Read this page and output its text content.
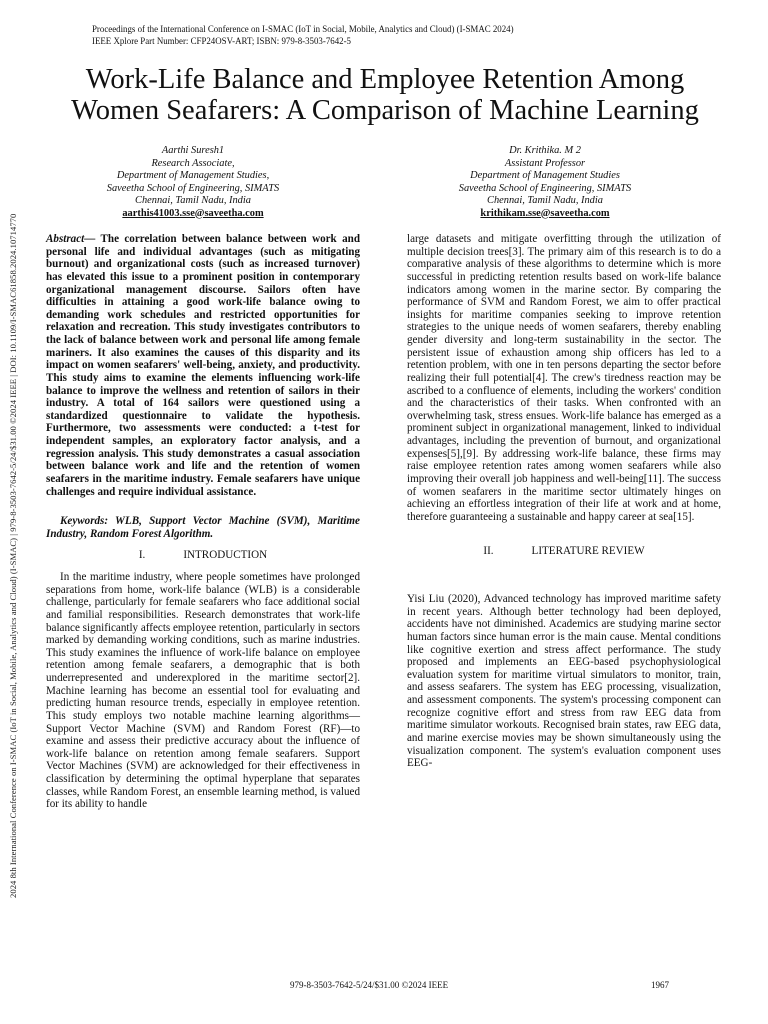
2024 8th International Conference on I-SMAC (IoT in Social, Mobile, Analytics and Cloud) (I-SMAC) | 979-8-3503-7642-5/24/$31.00 ©2024 IEEE | DOI: 10.1109/I-SMAC61858.2024.10714770
Proceedings of the International Conference on I-SMAC (IoT in Social, Mobile, Analytics and Cloud) (I-SMAC 2024)
IEEE Xplore Part Number: CFP24OSV-ART; ISBN: 979-8-3503-7642-5
Work-Life Balance and Employee Retention Among
Women Seafarers: A Comparison of Machine Learning
Aarthi Suresh1
Research Associate,
Department of Management Studies,
Saveetha School of Engineering, SIMATS
Chennai, Tamil Nadu, India
aarthis41003.sse@saveetha.com
Dr. Krithika. M 2
Assistant Professor
Department of Management Studies
Saveetha School of Engineering, SIMATS
Chennai, Tamil Nadu, India
krithikam.sse@saveetha.com

Abstract— The correlation between balance between work and personal life and individual advantages (such as mitigating burnout) and organizational costs (such as increased turnover) has elevated this issue to a prominent position in contemporary organizational management discourse. Sailors often have difficulties in attaining a good work-life balance owing to demanding work schedules and restricted opportunities for relaxation and recreation. This study investigates contributors to the lack of balance between work and personal life among female mariners. It also examines the causes of this disparity and its impact on women seafarers' well-being, anxiety, and productivity. This study aims to examine the elements influencing work-life balance to improve the wellness and retention of sailors in their industry. A total of 164 sailors were questioned using a standardized questionnaire to validate the hypothesis. Furthermore, two assessments were conducted: a t-test for independent samples, an exploratory factor analysis, and a regression analysis. This study demonstrates a casual association between balance work and life and the retention of women seafarers in the maritime industry. Female seafarers have unique challenges and require individual assistance.

Keywords: WLB, Support Vector Machine (SVM), Maritime Industry, Random Forest Algorithm.

I.	INTRODUCTION

In the maritime industry, where people sometimes have prolonged separations from home, work-life balance (WLB) is a considerable challenge, particularly for female seafarers who face additional social and familial responsibilities. Research demonstrates that work-life balance significantly affects employee retention, particularly in sectors marked by demanding working conditions, such as marine industries. This study examines the influence of work-life balance on employee retention among female seafarers, a demographic that is both underrepresented and underexplored in the maritime sector[2]. Machine learning has become an essential tool for evaluating and predicting human resource trends, especially in employee retention. This study employs two notable machine learning algorithms—Support Vector Machine (SVM) and Random Forest (RF)—to examine and assess their predictive accuracy about the influence of work-life balance on retention among female seafarers. Support Vector Machines (SVM) are acknowledged for their effectiveness in classification by determining the optimal hyperplane that separates classes, while Random Forest, an ensemble learning method, is valued for its ability to handle

large datasets and mitigate overfitting through the utilization of multiple decision trees[3]. The primary aim of this research is to do a comparative analysis of these algorithms to determine which is more successful in predicting retention results based on work-life balance indicators among women in the marine sector. By comparing the performance of SVM and Random Forest, we aim to offer practical insights for maritime companies seeking to improve retention strategies to the unique needs of women seafarers, thereby enabling gender diversity and long-term sustainability in the sector. The persistent issue of exhaustion among ship officers has led to a retention problem, with one in ten persons departing the sector before realizing their full potential[4]. The crew's tiredness reaction may be ascribed to a confluence of elements, including the workers' condition and the characteristics of their tasks. When confronted with an overwhelming task, stress ensues. Work-life balance has emerged as a prominent subject in organizational management, linked to individual advantages, including the prevention of burnout, and organizational expenses[5],[9]. By addressing work-life balance, these firms may raise employee retention rates among women seafarers while also improving their overall job happiness and well-being[11]. The success of women seafarers in the maritime sector ultimately hinges on achieving an effortless integration of their life at work and at home, therefore guaranteeing a sustainable and happy career at sea[15].

II.	LITERATURE REVIEW

Yisi Liu (2020), Advanced technology has improved maritime safety in recent years. Although better technology had been deployed, accidents have not diminished. Academics are studying marine sector human factors since human error is the main cause. Mental conditions like cognitive exertion and stress affect performance. The study proposed and implements an EEG-based psychophysiological evaluation system for maritime virtual simulators to monitor, train, and assess seafarers. The system has EEG processing, visualization, and assessment components. The system's processing component can recognize cognitive effort and stress from raw EEG data from maritime simulator workouts. Recognised brain states, raw EEG data, and marine exercise movies may be shown simultaneously using the visualization component. The system's evaluation component uses EEG-

979-8-3503-7642-5/24/$31.00 ©2024 IEEE	1967
